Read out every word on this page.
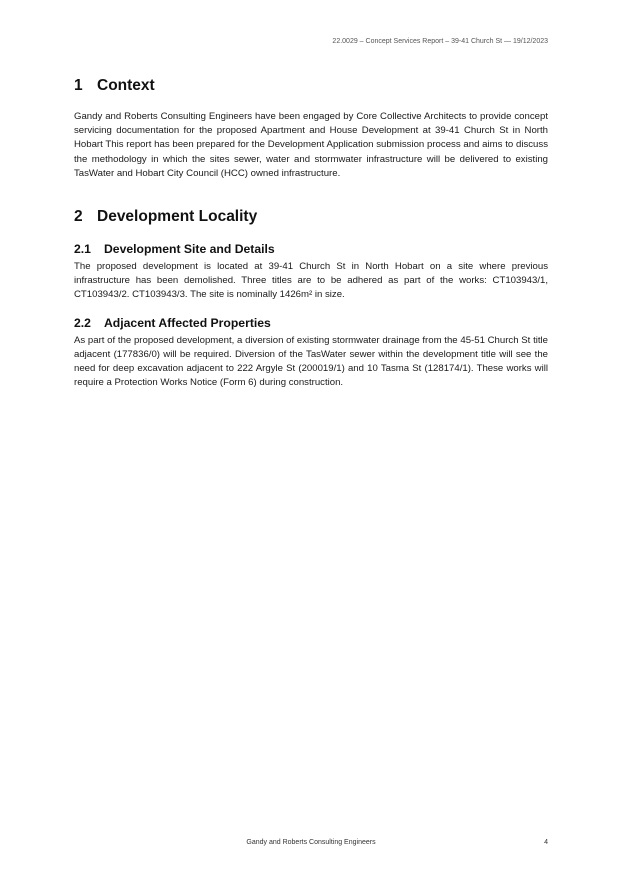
22.0029 – Concept Services Report – 39-41 Church St — 19/12/2023
1 Context

Gandy and Roberts Consulting Engineers have been engaged by Core Collective Architects to provide concept servicing documentation for the proposed Apartment and House Development at 39-41 Church St in North Hobart This report has been prepared for the Development Application submission process and aims to discuss the methodology in which the sites sewer, water and stormwater infrastructure will be delivered to existing TasWater and Hobart City Council (HCC) owned infrastructure.

2 Development Locality
2.1	Development Site and Details

The proposed development is located at 39-41 Church St in North Hobart on a site where previous infrastructure has been demolished. Three titles are to be adhered as part of the works: CT103943/1, CT103943/2. CT103943/3. The site is nominally 1426m² in size.

2.2	Adjacent Affected Properties

As part of the proposed development, a diversion of existing stormwater drainage from the 45-51 Church St title adjacent (177836/0) will be required. Diversion of the TasWater sewer within the development title will see the need for deep excavation adjacent to 222 Argyle St (200019/1) and 10 Tasma St (128174/1). These works will require a Protection Works Notice (Form 6) during construction.

Gandy and Roberts Consulting Engineers	4
